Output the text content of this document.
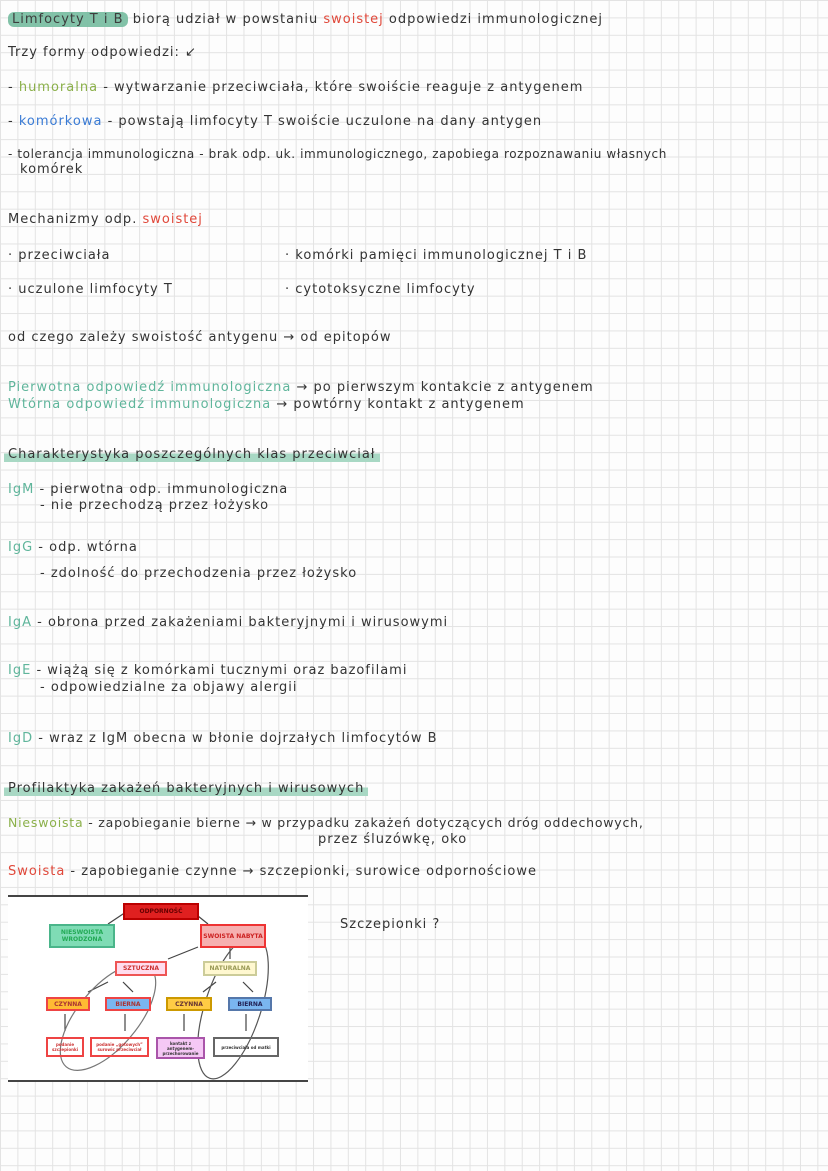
Limfocyty T i B biorą udział w powstaniu swoistej odpowiedzi immunologicznej
Trzy formy odpowiedzi: ↙
- humoralna - wytwarzanie przeciwciała, które swoiście reaguje z antygenem
- komórkowa - powstają limfocyty T swoiście uczulone na dany antygen
- tolerancja immunologiczna - brak odp. uk. immunologicznego, zapobiega rozpoznawaniu własnych
komórek
Mechanizmy odp. swoistej
· przeciwciała	· komórki pamięci immunologicznej T i B
· uczulone limfocyty T	· cytotoksyczne limfocyty
od czego zależy swoistość antygenu → od epitopów
Pierwotna odpowiedź immunologiczna → po pierwszym kontakcie z antygenem
Wtórna odpowiedź immunologiczna → powtórny kontakt z antygenem
Charakterystyka poszczególnych klas przeciwciał
IgM - pierwotna odp. immunologiczna
- nie przechodzą przez łożysko
IgG - odp. wtórna
- zdolność do przechodzenia przez łożysko
IgA - obrona przed zakażeniami bakteryjnymi i wirusowymi
IgE - wiążą się z komórkami tucznymi oraz bazofilami
- odpowiedzialne za objawy alergii
IgD - wraz z IgM obecna w błonie dojrzałych limfocytów B
Profilaktyka zakażeń bakteryjnych i wirusowych
Nieswoista - zapobieganie bierne → w przypadku zakażeń dotyczących dróg oddechowych,
przez śluzówkę, oko
Swoista - zapobieganie czynne → szczepionki, surowice odpornościowe
Szczepionki ?
ODPORNOŚĆ
NIESWOISTA WRODZONA	SWOISTA NABYTA
SZTUCZNA	NATURALNA
CZYNNA	BIERNA	CZYNNA	BIERNA
podanie szczepionki
podanie „gotowych” surowic przeciwciał
kontakt z antygenem-przechorowanie
przeciwciała od matki
